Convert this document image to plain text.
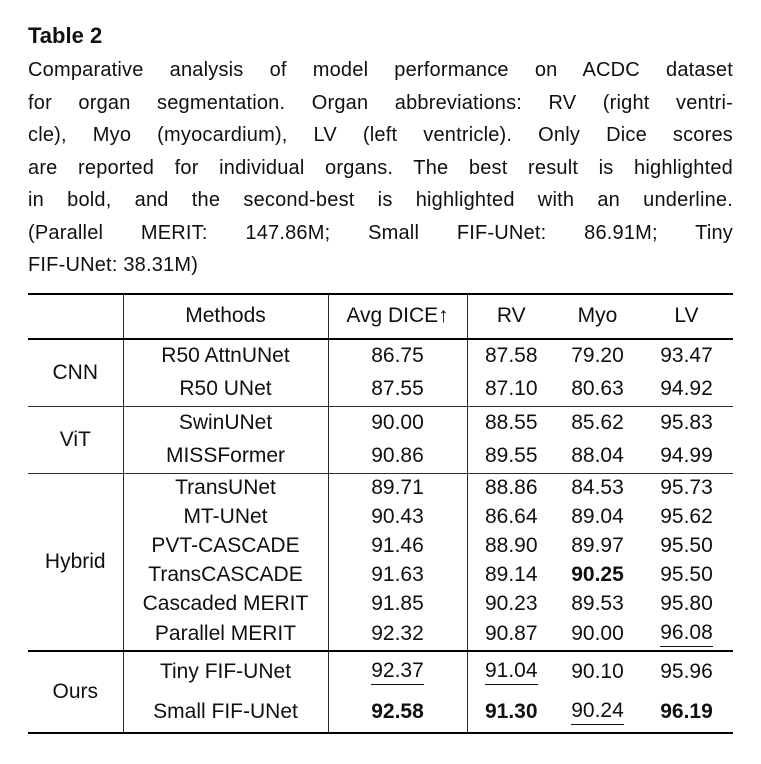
Table 2
Comparative analysis of model performance on ACDC dataset
for organ segmentation. Organ abbreviations: RV (right ventri-
cle), Myo (myocardium), LV (left ventricle). Only Dice scores
are reported for individual organs. The best result is highlighted
in bold, and the second-best is highlighted with an underline.
(Parallel MERIT: 147.86M; Small FIF-UNet: 86.91M; Tiny
FIF-UNet: 38.31M)
	Methods	Avg DICE↑	RV	Myo	LV
CNN	R50 AttnUNet	86.75	87.58	79.20	93.47
	R50 UNet	87.55	87.10	80.63	94.92
ViT	SwinUNet	90.00	88.55	85.62	95.83
	MISSFormer	90.86	89.55	88.04	94.99
Hybrid	TransUNet	89.71	88.86	84.53	95.73
	MT-UNet	90.43	86.64	89.04	95.62
	PVT-CASCADE	91.46	88.90	89.97	95.50
	TransCASCADE	91.63	89.14	90.25	95.50
	Cascaded MERIT	91.85	90.23	89.53	95.80
	Parallel MERIT	92.32	90.87	90.00	96.08
Ours	Tiny FIF-UNet	92.37	91.04	90.10	95.96
	Small FIF-UNet	92.58	91.30	90.24	96.19
